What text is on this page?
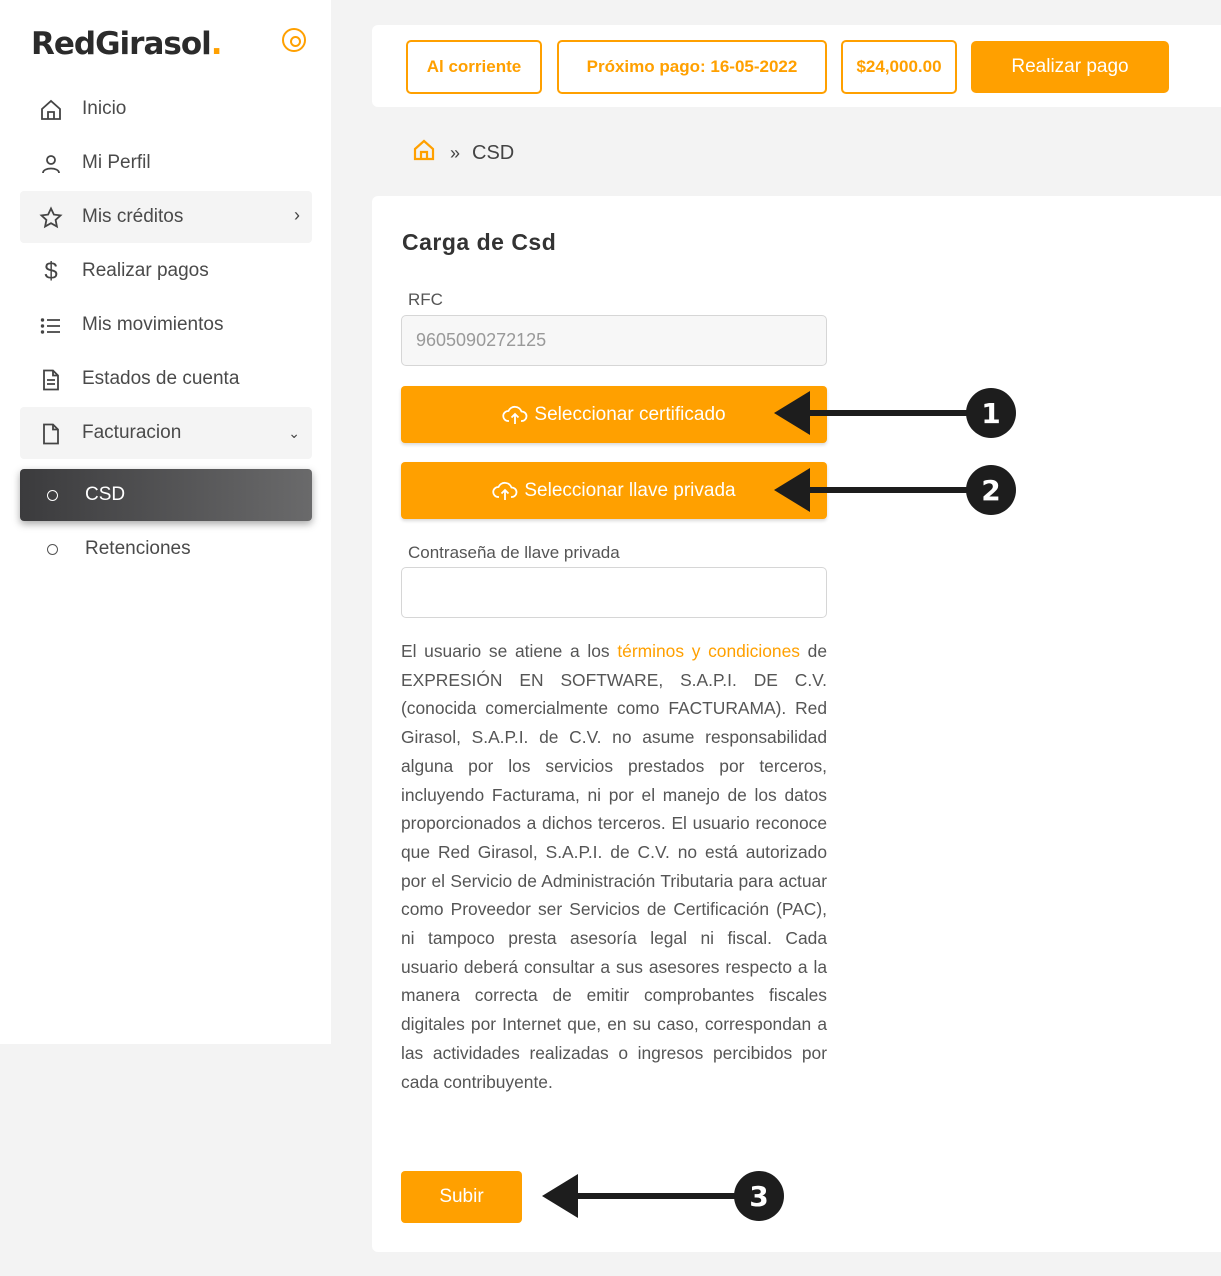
RedGirasol.
Inicio
Mi Perfil
Mis créditos	›
$	Realizar pagos
Mis movimientos
Estados de cuenta
Facturacion	⌄
CSD
Retenciones
Al corriente	Próximo pago: 16-05-2022	$24,000.00	Realizar pago
» CSD
Carga de Csd
RFC
9605090272125
Seleccionar certificado
Seleccionar llave privada
Contraseña de llave privada

El usuario se atiene a los términos y condiciones de EXPRESIÓN EN SOFTWARE, S.A.P.I. DE C.V. (conocida comercialmente como FACTURAMA). Red Girasol, S.A.P.I. de C.V. no asume responsabilidad alguna por los servicios prestados por terceros, incluyendo Facturama, ni por el manejo de los datos proporcionados a dichos terceros. El usuario reconoce que Red Girasol, S.A.P.I. de C.V. no está autorizado por el Servicio de Administración Tributaria para actuar como Proveedor ser Servicios de Certificación (PAC), ni tampoco presta asesoría legal ni fiscal. Cada usuario deberá consultar a sus asesores respecto a la manera correcta de emitir comprobantes fiscales digitales por Internet que, en su caso, correspondan a las actividades realizadas o ingresos percibidos por cada contribuyente.

Subir
1
2
3
